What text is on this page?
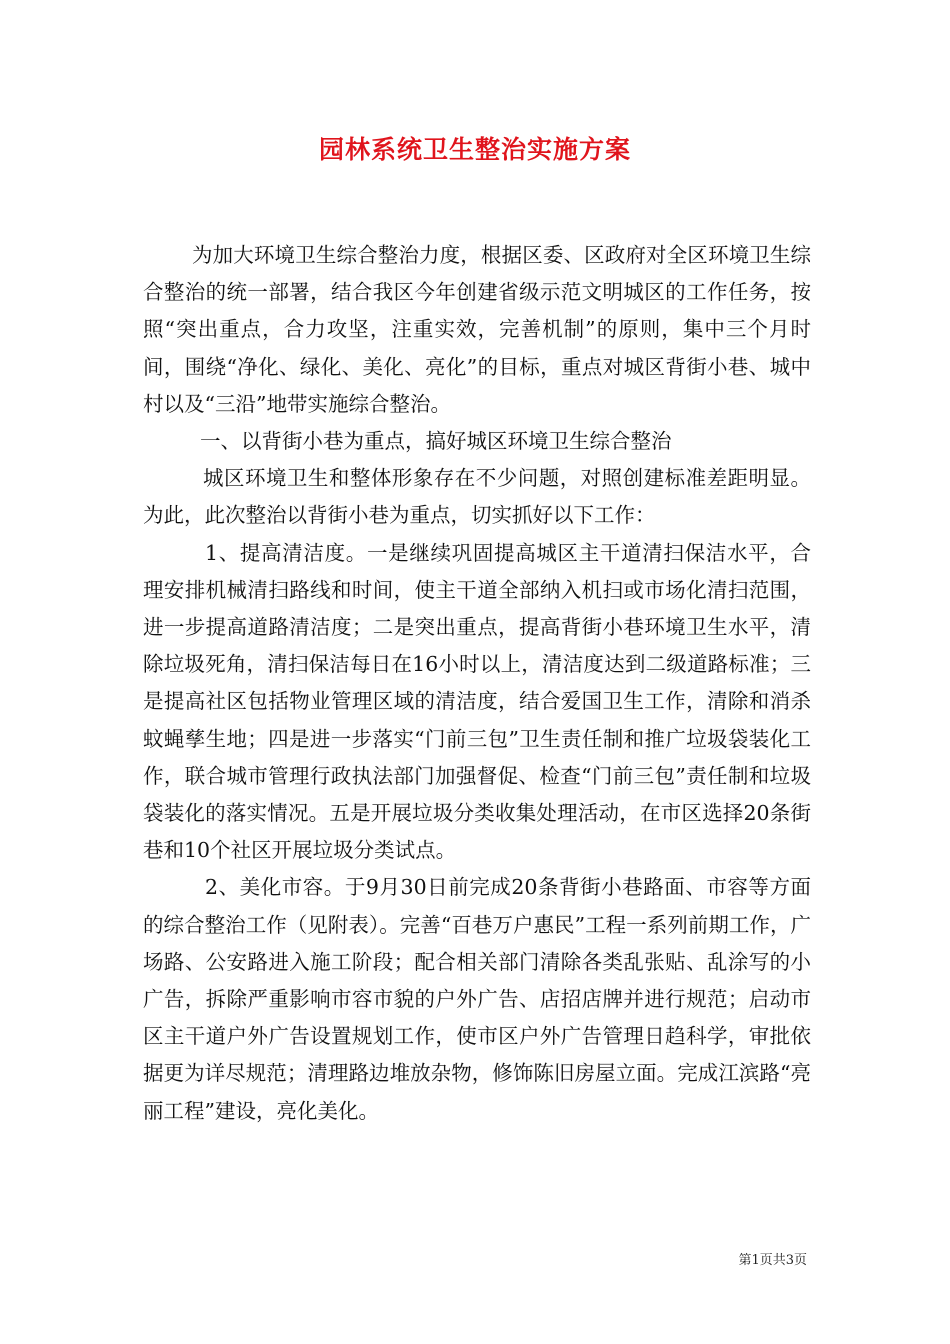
园林系统卫生整治实施方案

为加大环境卫生综合整治力度，根据区委、区政府对全区环境卫生综合整治的统一部署，结合我区今年创建省级示范文明城区的工作任务，按照“突出重点，合力攻坚，注重实效，完善机制”的原则，集中三个月时间，围绕“净化、绿化、美化、亮化”的目标，重点对城区背街小巷、城中村以及“三沿”地带实施综合整治。

一、以背街小巷为重点，搞好城区环境卫生综合整治

城区环境卫生和整体形象存在不少问题，对照创建标准差距明显。为此，此次整治以背街小巷为重点，切实抓好以下工作：

1、提高清洁度。一是继续巩固提高城区主干道清扫保洁水平，合理安排机械清扫路线和时间，使主干道全部纳入机扫或市场化清扫范围，进一步提高道路清洁度；二是突出重点，提高背街小巷环境卫生水平，清除垃圾死角，清扫保洁每日在16小时以上，清洁度达到二级道路标准；三是提高社区包括物业管理区域的清洁度，结合爱国卫生工作，清除和消杀蚊蝇孳生地；四是进一步落实“门前三包”卫生责任制和推广垃圾袋装化工作，联合城市管理行政执法部门加强督促、检查“门前三包”责任制和垃圾袋装化的落实情况。五是开展垃圾分类收集处理活动，在市区选择20条街巷和10个社区开展垃圾分类试点。

2、美化市容。于9月30日前完成20条背街小巷路面、市容等方面的综合整治工作（见附表）。完善“百巷万户惠民”工程一系列前期工作，广场路、公安路进入施工阶段；配合相关部门清除各类乱张贴、乱涂写的小广告，拆除严重影响市容市貌的户外广告、店招店牌并进行规范；启动市区主干道户外广告设置规划工作，使市区户外广告管理日趋科学，审批依据更为详尽规范；清理路边堆放杂物，修饰陈旧房屋立面。完成江滨路“亮丽工程”建设，亮化美化。

第1页共3页
